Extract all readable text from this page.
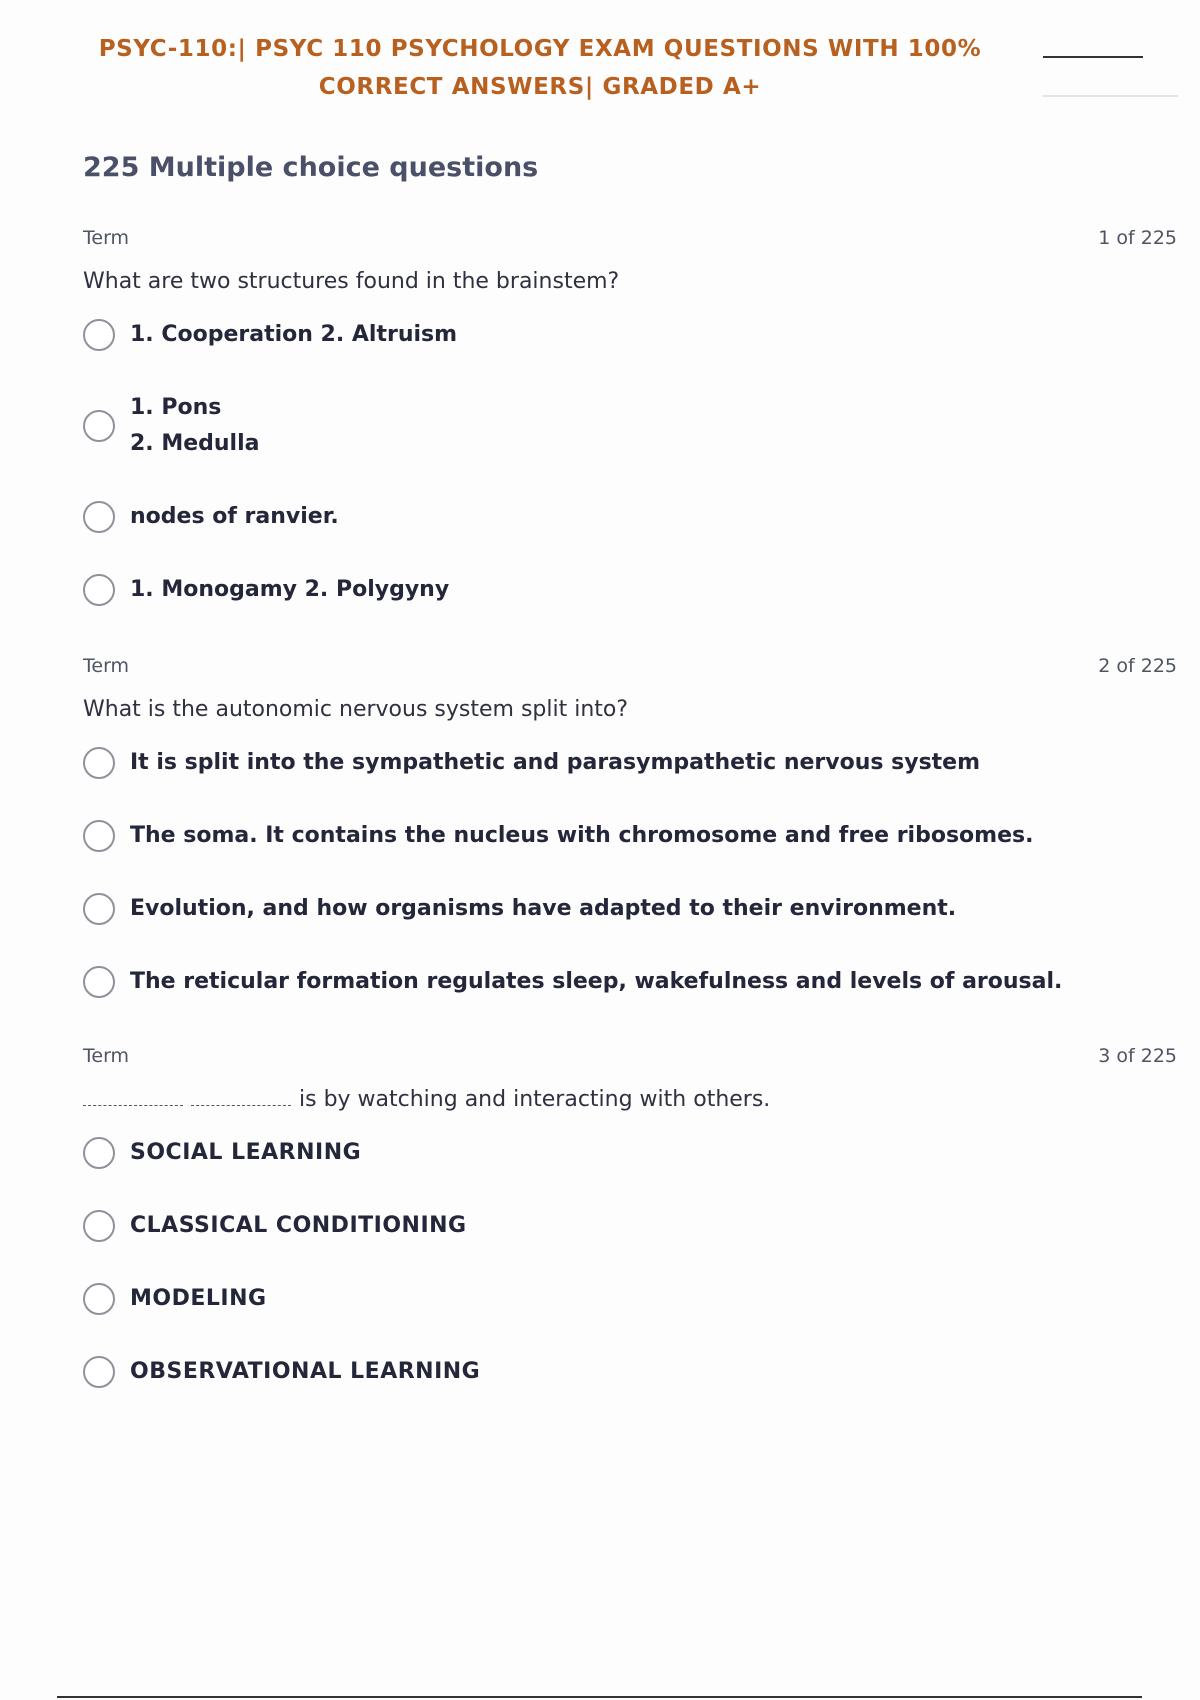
PSYC-110:| PSYC 110 PSYCHOLOGY EXAM QUESTIONS WITH 100%
CORRECT ANSWERS| GRADED A+
225 Multiple choice questions
Term	1 of 225
What are two structures found in the brainstem?
1. Cooperation 2. Altruism
1. Pons
2. Medulla
nodes of ranvier.
1. Monogamy 2. Polygyny
Term	2 of 225
What is the autonomic nervous system split into?
It is split into the sympathetic and parasympathetic nervous system
The soma. It contains the nucleus with chromosome and free ribosomes.
Evolution, and how organisms have adapted to their environment.
The reticular formation regulates sleep, wakefulness and levels of arousal.
Term	3 of 225
is by watching and interacting with others.
SOCIAL LEARNING
CLASSICAL CONDITIONING
MODELING
OBSERVATIONAL LEARNING
